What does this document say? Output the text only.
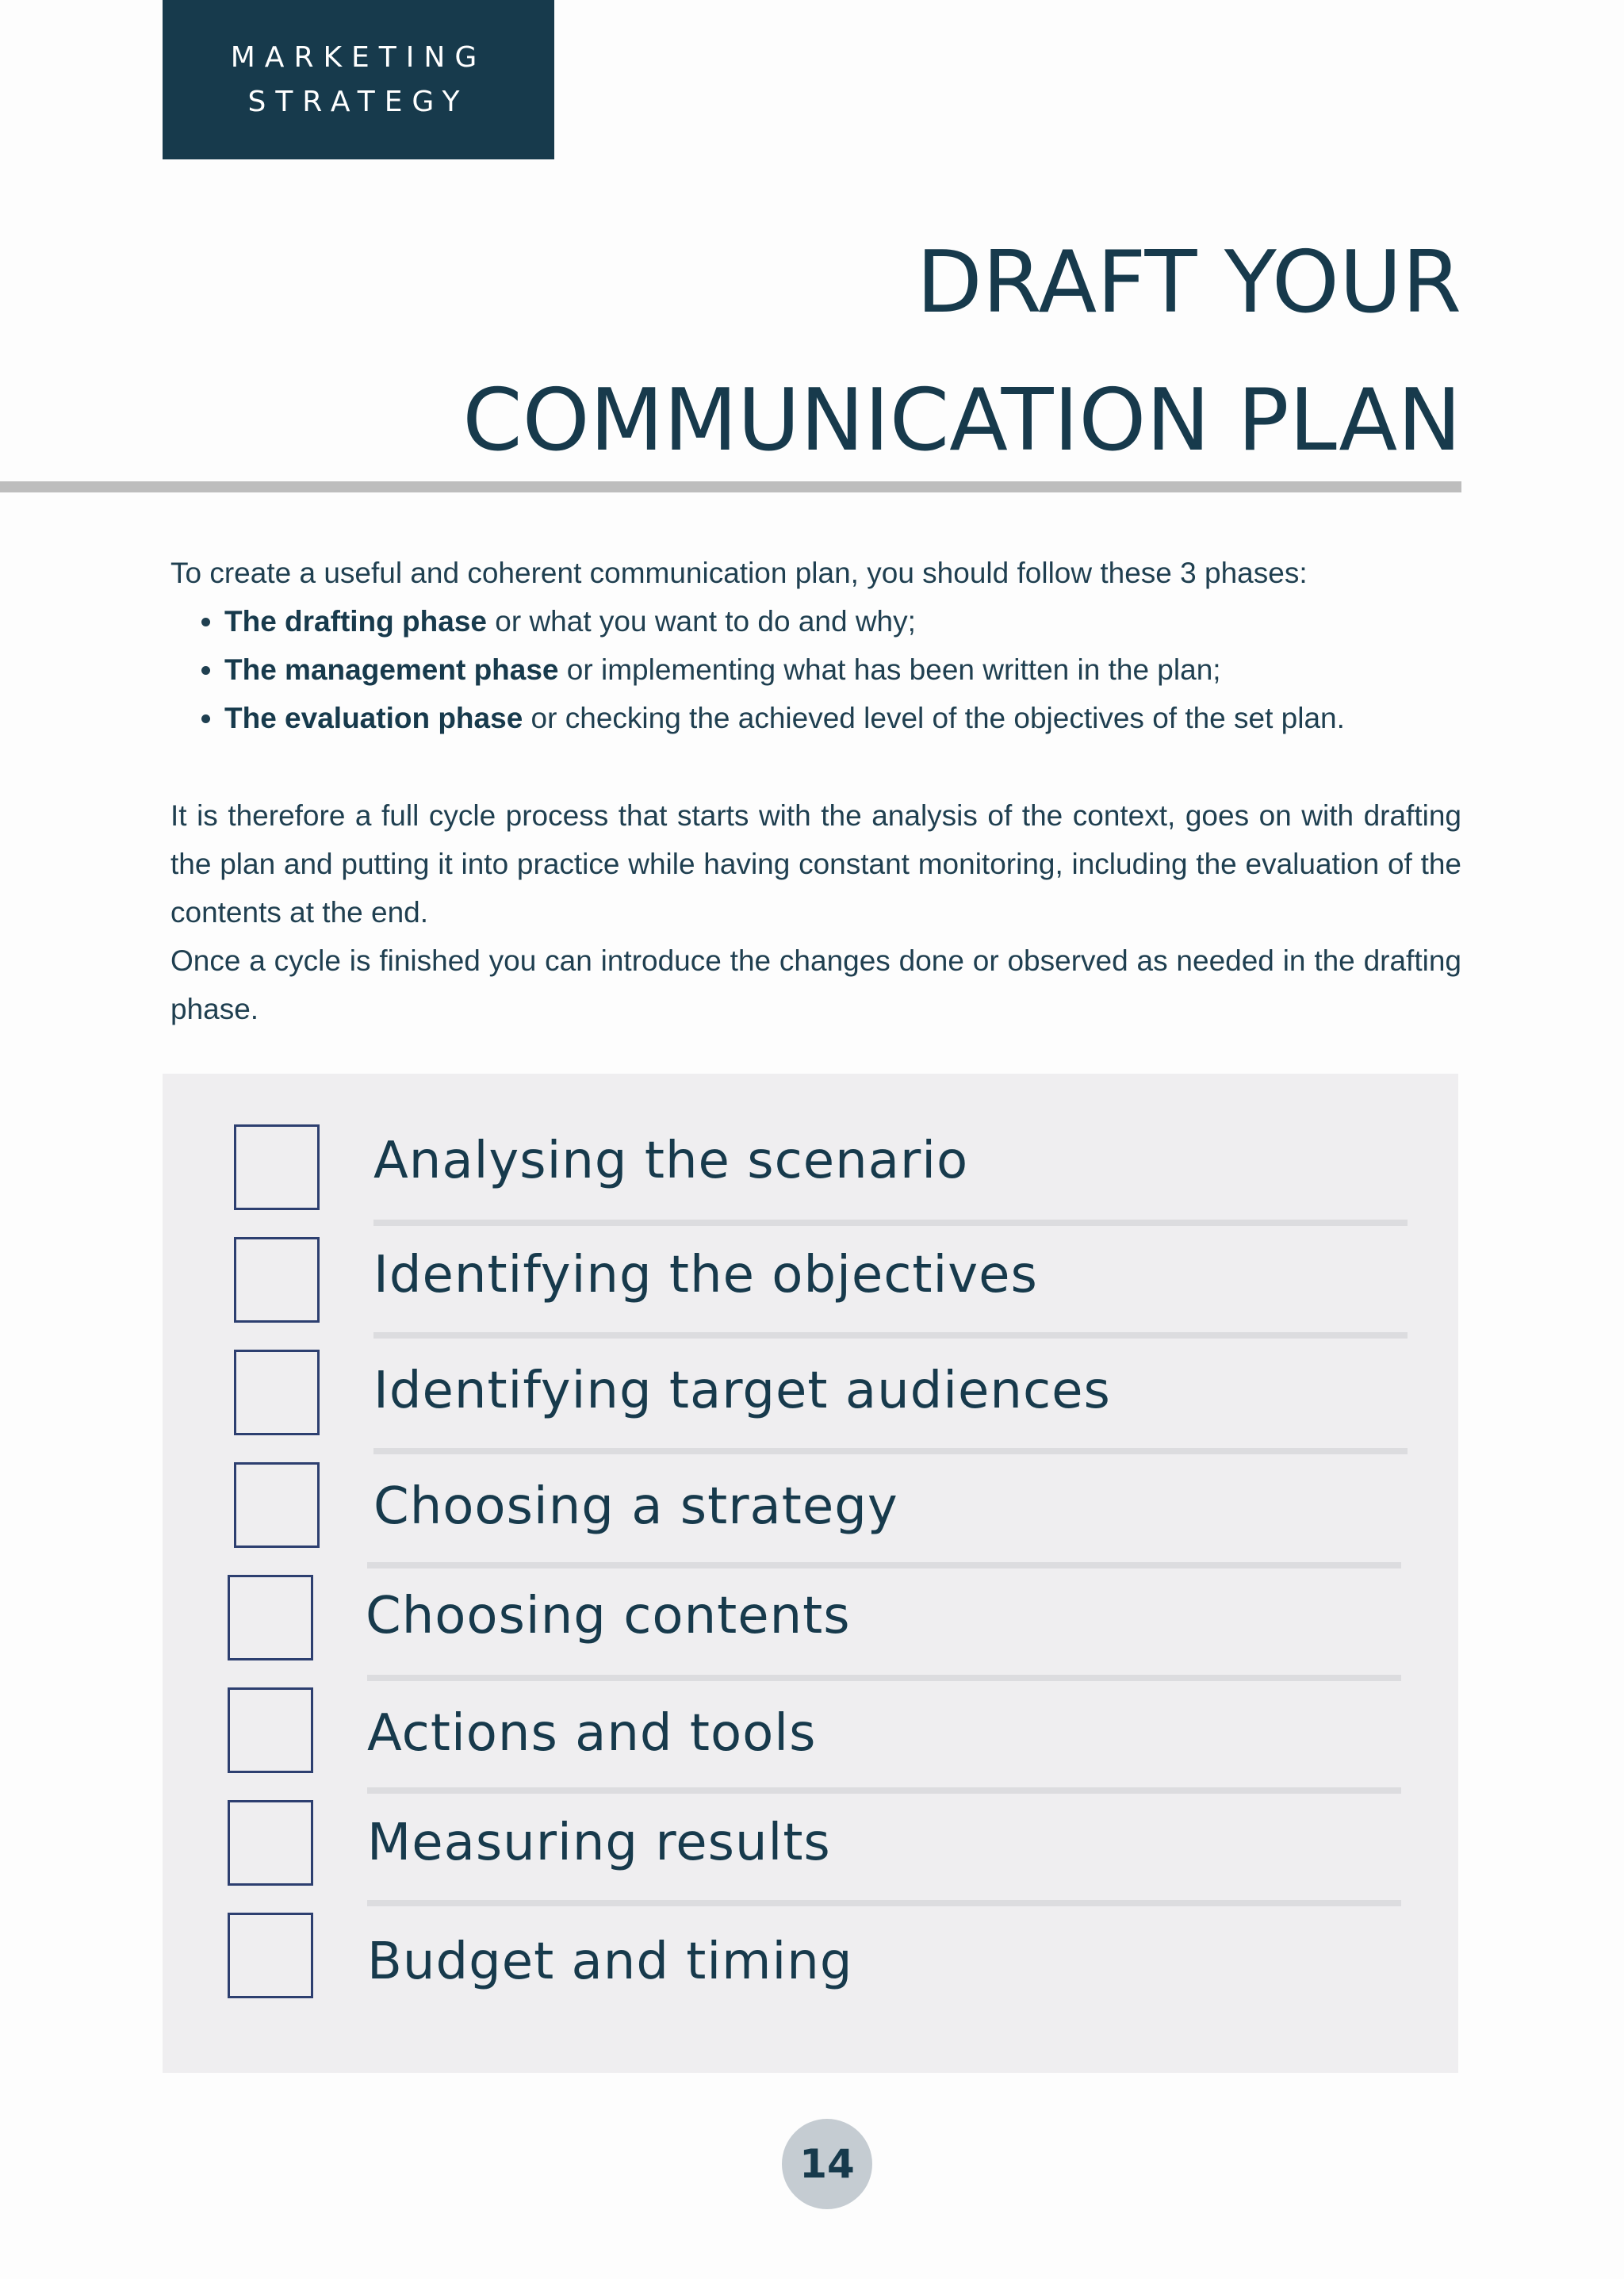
MARKETING
STRATEGY
DRAFT YOUR
COMMUNICATION PLAN
To create a useful and coherent communication plan, you should follow these 3 phases:
• The drafting phase or what you want to do and why;
• The management phase or implementing what has been written in the plan;
• The evaluation phase or checking the achieved level of the objectives of the set plan.
It is therefore a full cycle process that starts with the analysis of the context, goes on with drafting the plan and putting it into practice while having constant monitoring, including the evaluation of the contents at the end.
Once a cycle is finished you can introduce the changes done or observed as needed in the drafting phase.
Analysing the scenario
Identifying the objectives
Identifying target audiences
Choosing a strategy
Choosing contents
Actions and tools
Measuring results
Budget and timing
14
